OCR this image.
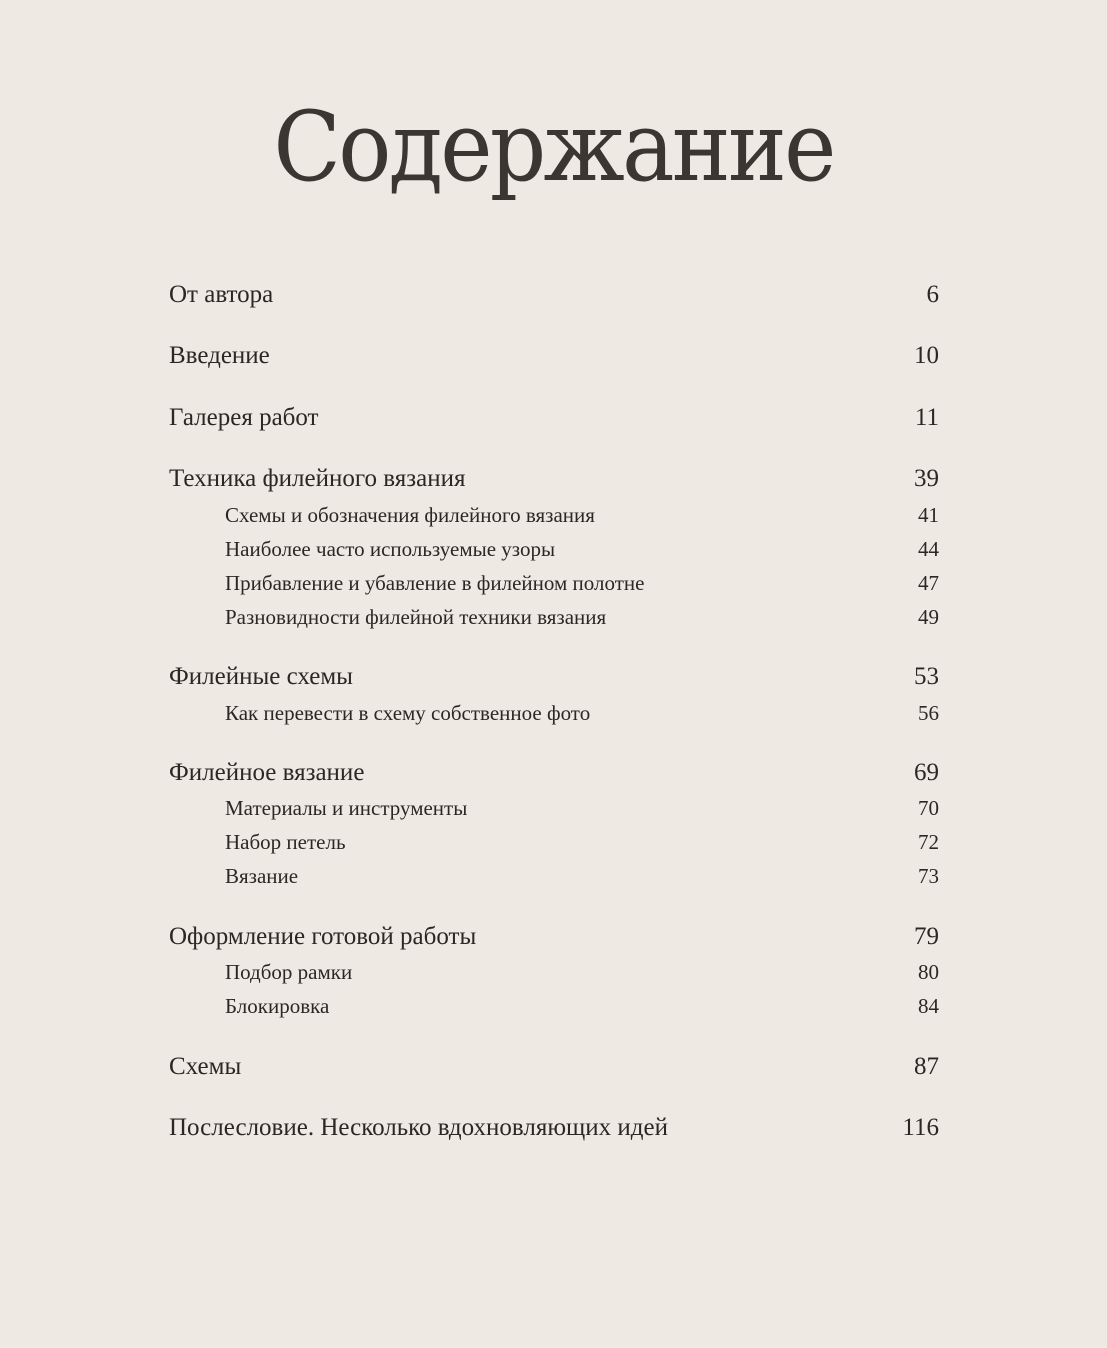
Содержание
От автора	6
Введение	10
Галерея работ	11
Техника филейного вязания	39
Схемы и обозначения филейного вязания	41
Наиболее часто используемые узоры	44
Прибавление и убавление в филейном полотне	47
Разновидности филейной техники вязания	49
Филейные схемы	53
Как перевести в схему собственное фото	56
Филейное вязание	69
Материалы и инструменты	70
Набор петель	72
Вязание	73
Оформление готовой работы	79
Подбор рамки	80
Блокировка	84
Схемы	87
Послесловие. Несколько вдохновляющих идей	116
